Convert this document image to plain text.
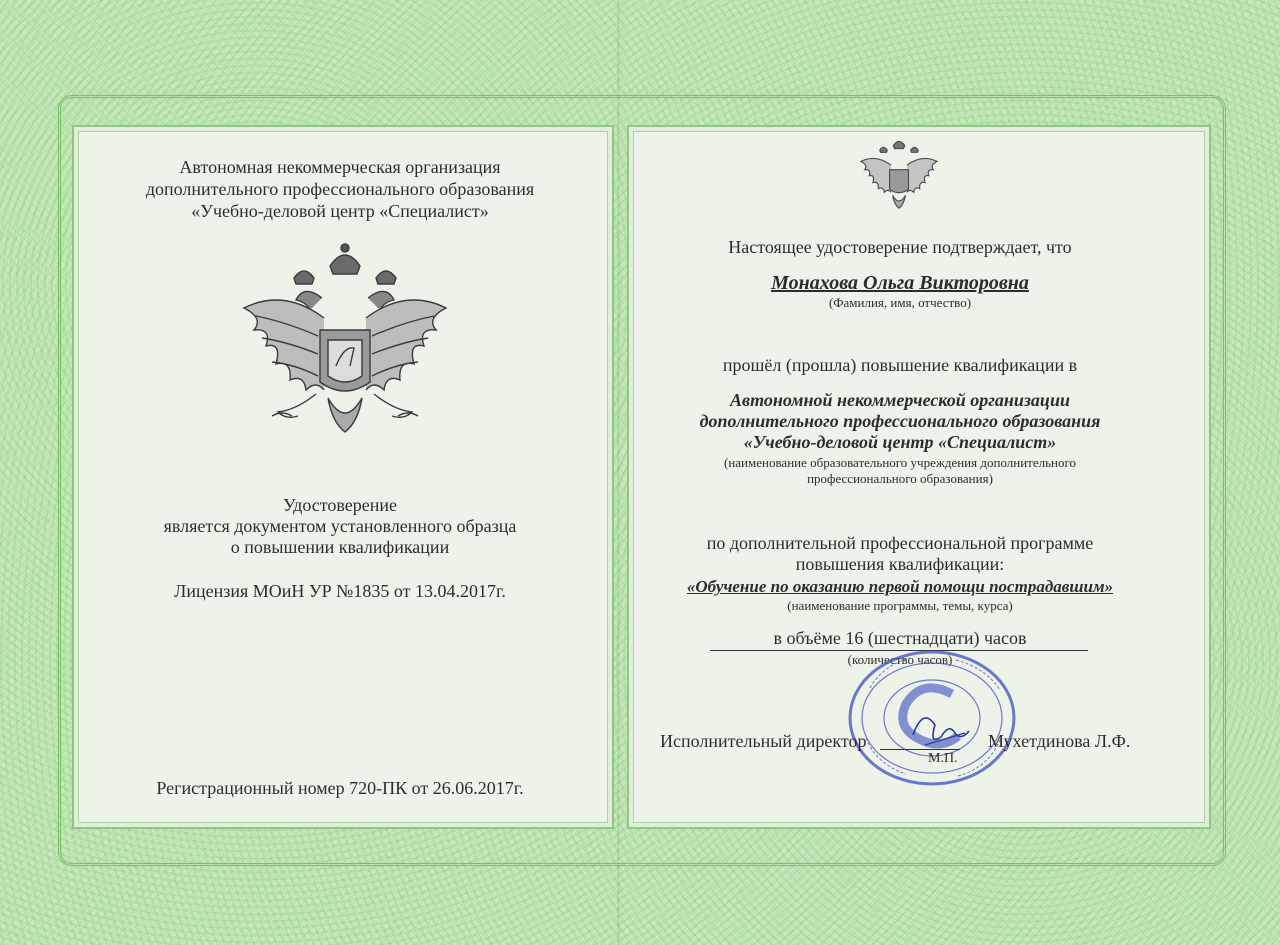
Автономная некоммерческая организация
дополнительного профессионального образования
«Учебно-деловой центр «Специалист»
Удостоверение
является документом установленного образца
о повышении квалификации
Лицензия МОиН УР №1835 от 13.04.2017г.
Регистрационный номер 720-ПК от 26.06.2017г.
Настоящее удостоверение подтверждает, что
Монахова Ольга Викторовна
(Фамилия, имя, отчество)
прошёл (прошла) повышение квалификации в
Автономной некоммерческой организации
дополнительного профессионального образования
«Учебно-деловой центр «Специалист»
(наименование образовательного учреждения дополнительного
профессионального образования)
по дополнительной профессиональной программе
повышения квалификации:
«Обучение по оказанию первой помощи пострадавшим»
(наименование программы, темы, курса)
в объёме 16 (шестнадцати) часов
(количество часов)
Исполнительный директор
М.П.
Мухетдинова Л.Ф.
